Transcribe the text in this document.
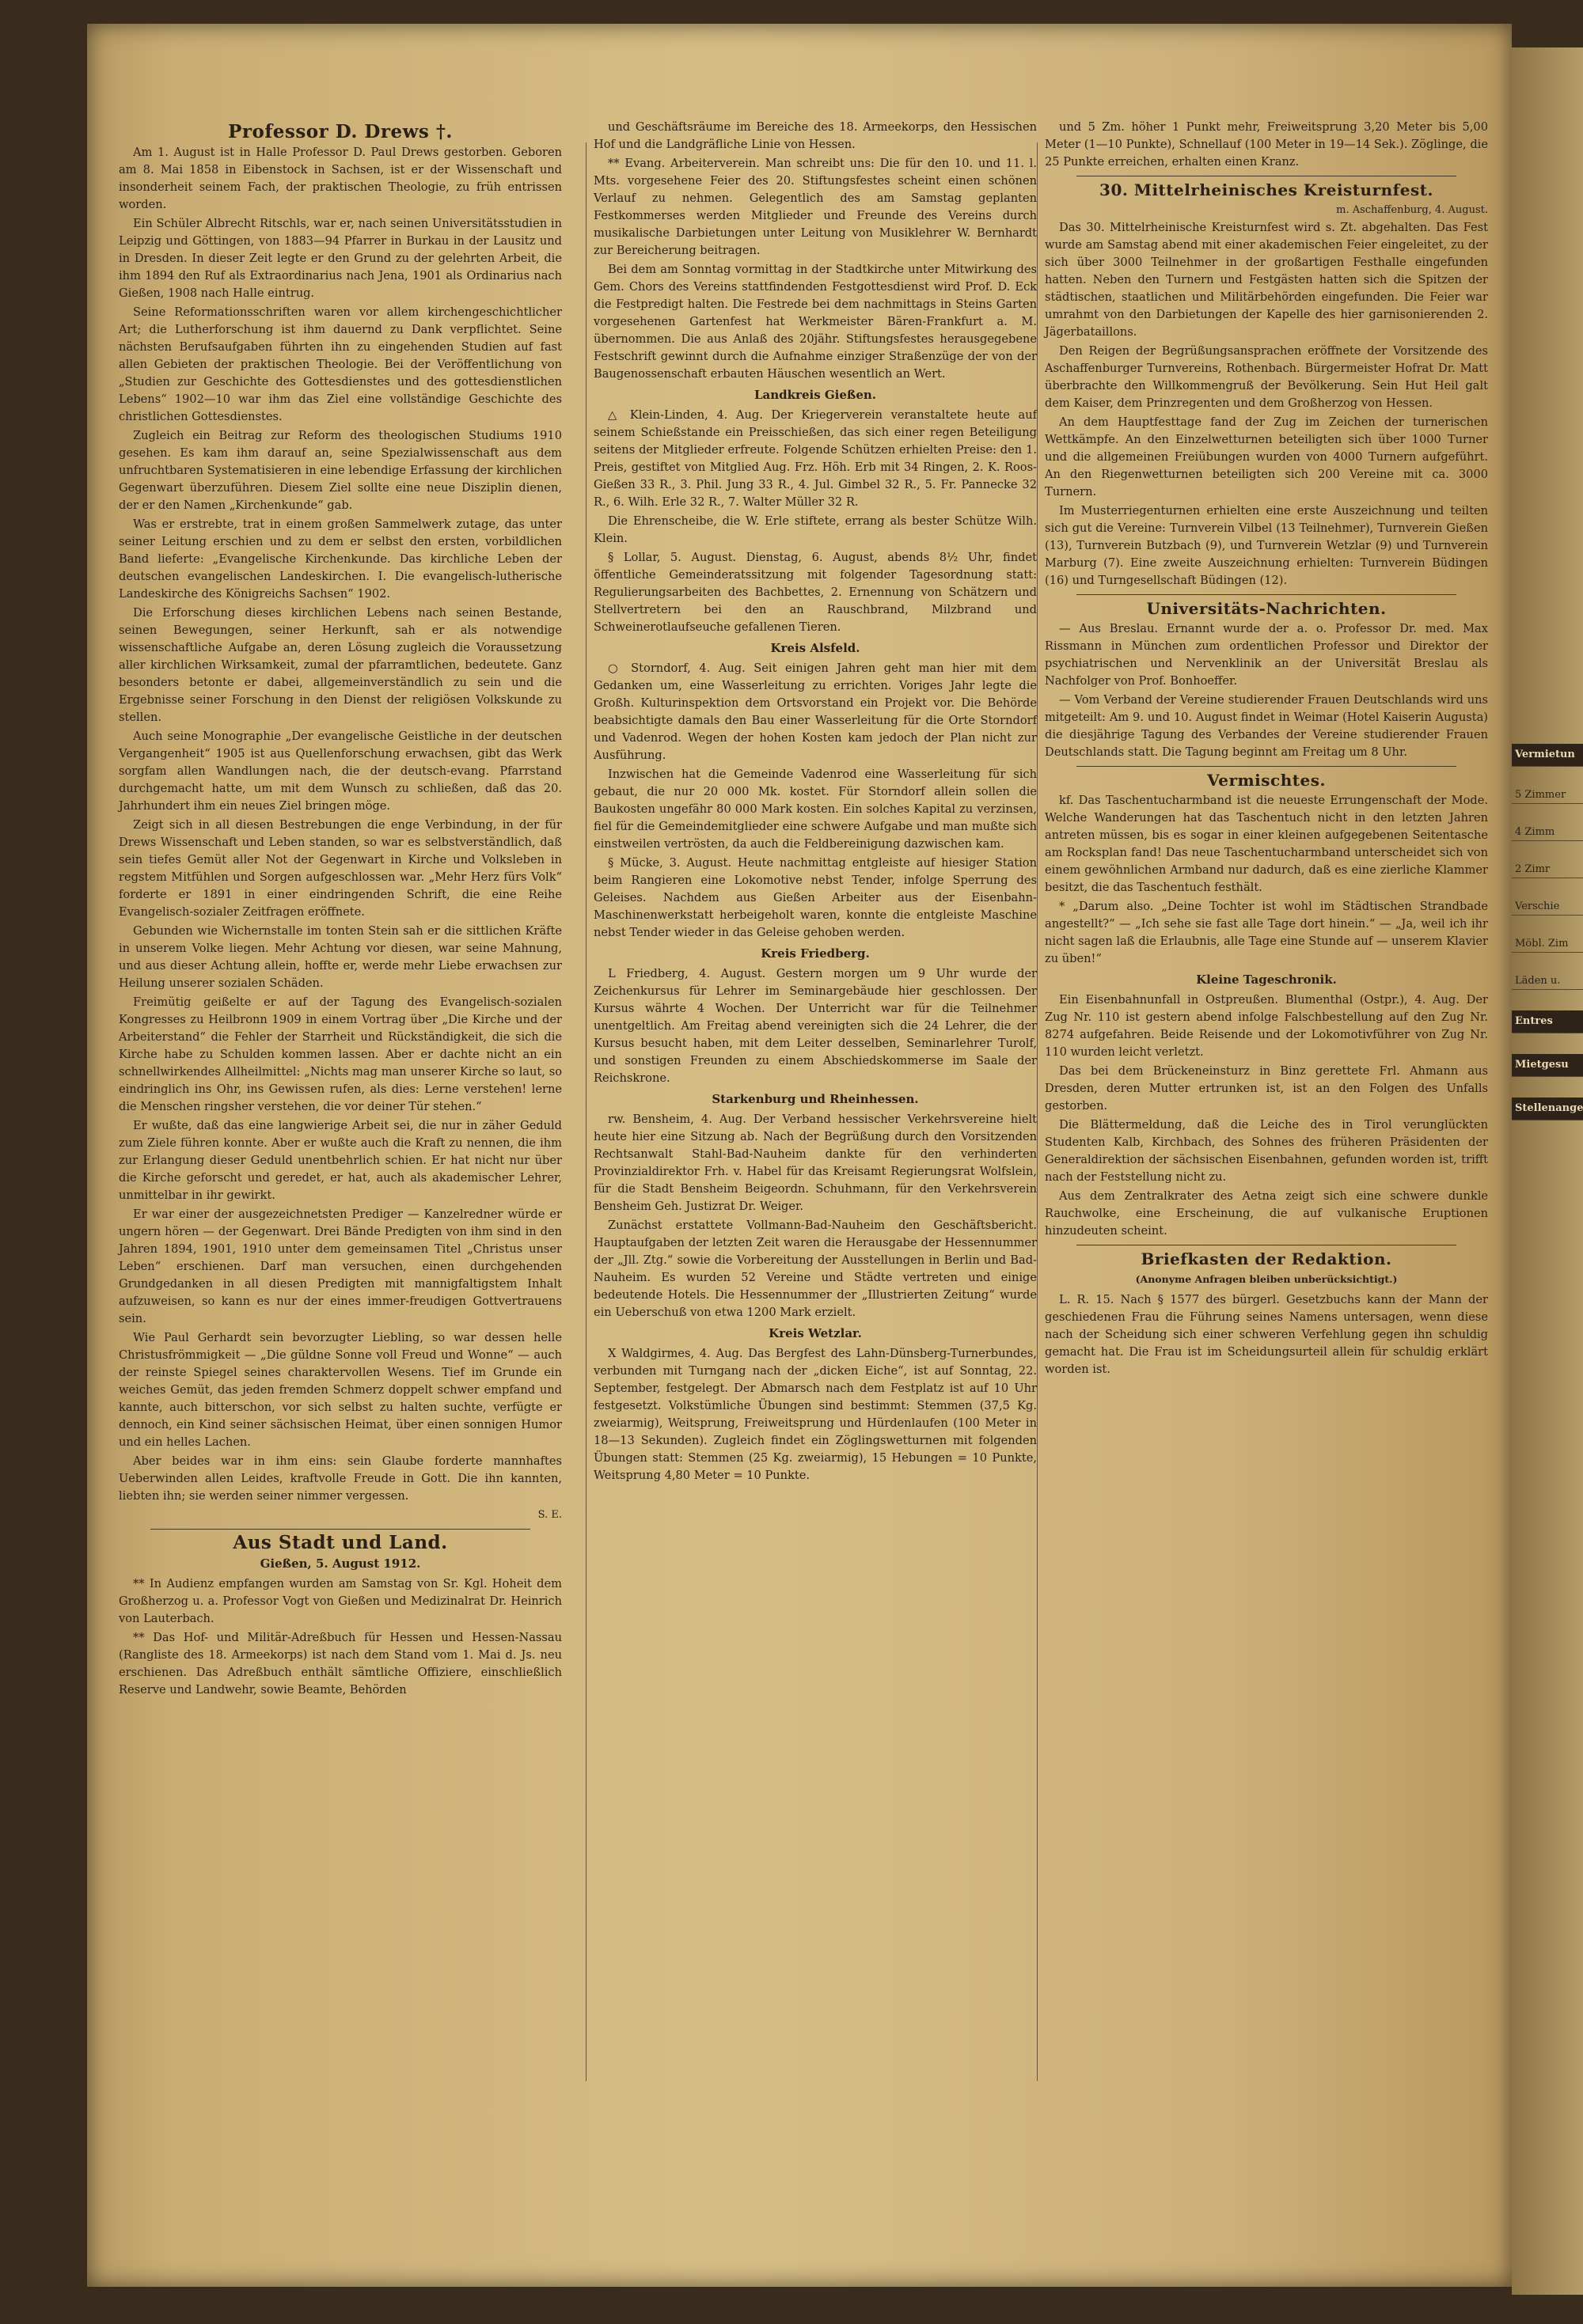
Professor D. Drews †.

Am 1. August ist in Halle Professor D. Paul Drews gestorben. Geboren am 8. Mai 1858 in Eibenstock in Sachsen, ist er der Wissenschaft und insonderheit seinem Fach, der praktischen Theologie, zu früh entrissen worden.

Ein Schüler Albrecht Ritschls, war er, nach seinen Universitätsstudien in Leipzig und Göttingen, von 1883—94 Pfarrer in Burkau in der Lausitz und in Dresden. In dieser Zeit legte er den Grund zu der gelehrten Arbeit, die ihm 1894 den Ruf als Extraordinarius nach Jena, 1901 als Ordinarius nach Gießen, 1908 nach Halle eintrug.

Seine Reformationsschriften waren vor allem kirchengeschichtlicher Art; die Lutherforschung ist ihm dauernd zu Dank verpflichtet. Seine nächsten Berufsaufgaben führten ihn zu eingehenden Studien auf fast allen Gebieten der praktischen Theologie. Bei der Veröffentlichung von „Studien zur Geschichte des Gottesdienstes und des gottesdienstlichen Lebens“ 1902—10 war ihm das Ziel eine vollständige Geschichte des christlichen Gottesdienstes.

Zugleich ein Beitrag zur Reform des theologischen Studiums 1910 gesehen. Es kam ihm darauf an, seine Spezialwissenschaft aus dem unfruchtbaren Systematisieren in eine lebendige Erfassung der kirchlichen Gegenwart überzuführen. Diesem Ziel sollte eine neue Disziplin dienen, der er den Namen „Kirchenkunde“ gab.

Was er erstrebte, trat in einem großen Sammelwerk zutage, das unter seiner Leitung erschien und zu dem er selbst den ersten, vorbildlichen Band lieferte: „Evangelische Kirchenkunde. Das kirchliche Leben der deutschen evangelischen Landeskirchen. I. Die evangelisch-lutherische Landeskirche des Königreichs Sachsen“ 1902.

Die Erforschung dieses kirchlichen Lebens nach seinen Bestande, seinen Bewegungen, seiner Herkunft, sah er als notwendige wissenschaftliche Aufgabe an, deren Lösung zugleich die Voraussetzung aller kirchlichen Wirksamkeit, zumal der pfarramtlichen, bedeutete. Ganz besonders betonte er dabei, allgemeinverständlich zu sein und die Ergebnisse seiner Forschung in den Dienst der religiösen Volkskunde zu stellen.

Auch seine Monographie „Der evangelische Geistliche in der deutschen Vergangenheit“ 1905 ist aus Quellenforschung erwachsen, gibt das Werk sorgfam allen Wandlungen nach, die der deutsch-evang. Pfarrstand durchgemacht hatte, um mit dem Wunsch zu schließen, daß das 20. Jahrhundert ihm ein neues Ziel bringen möge.

Zeigt sich in all diesen Bestrebungen die enge Verbindung, in der für Drews Wissenschaft und Leben standen, so war es selbstverständlich, daß sein tiefes Gemüt aller Not der Gegenwart in Kirche und Volksleben in regstem Mitfühlen und Sorgen aufgeschlossen war. „Mehr Herz fürs Volk“ forderte er 1891 in einer eindringenden Schrift, die eine Reihe Evangelisch-sozialer Zeitfragen eröffnete.

Gebunden wie Wichernstalle im tonten Stein sah er die sittlichen Kräfte in unserem Volke liegen. Mehr Achtung vor diesen, war seine Mahnung, und aus dieser Achtung allein, hoffte er, werde mehr Liebe erwachsen zur Heilung unserer sozialen Schäden.

Freimütig geißelte er auf der Tagung des Evangelisch-sozialen Kongresses zu Heilbronn 1909 in einem Vortrag über „Die Kirche und der Arbeiterstand“ die Fehler der Starrheit und Rückständigkeit, die sich die Kirche habe zu Schulden kommen lassen. Aber er dachte nicht an ein schnellwirkendes Allheilmittel: „Nichts mag man unserer Kirche so laut, so eindringlich ins Ohr, ins Gewissen rufen, als dies: Lerne verstehen! lerne die Menschen ringsher verstehen, die vor deiner Tür stehen.“

Er wußte, daß das eine langwierige Arbeit sei, die nur in zäher Geduld zum Ziele führen konnte. Aber er wußte auch die Kraft zu nennen, die ihm zur Erlangung dieser Geduld unentbehrlich schien. Er hat nicht nur über die Kirche geforscht und geredet, er hat, auch als akademischer Lehrer, unmittelbar in ihr gewirkt.

Er war einer der ausgezeichnetsten Prediger — Kanzelredner würde er ungern hören — der Gegenwart. Drei Bände Predigten von ihm sind in den Jahren 1894, 1901, 1910 unter dem gemeinsamen Titel „Christus unser Leben“ erschienen. Darf man versuchen, einen durchgehenden Grundgedanken in all diesen Predigten mit mannigfaltigstem Inhalt aufzuweisen, so kann es nur der eines immer-freudigen Gottvertrauens sein.

Wie Paul Gerhardt sein bevorzugter Liebling, so war dessen helle Christusfrömmigkeit — „Die güldne Sonne voll Freud und Wonne“ — auch der reinste Spiegel seines charaktervollen Wesens. Tief im Grunde ein weiches Gemüt, das jeden fremden Schmerz doppelt schwer empfand und kannte, auch bitterschon, vor sich selbst zu halten suchte, verfügte er dennoch, ein Kind seiner sächsischen Heimat, über einen sonnigen Humor und ein helles Lachen.

Aber beides war in ihm eins: sein Glaube forderte mannhaftes Ueberwinden allen Leides, kraftvolle Freude in Gott. Die ihn kannten, liebten ihn; sie werden seiner nimmer vergessen.

S. E.
Aus Stadt und Land.
Gießen, 5. August 1912.

** In Audienz empfangen wurden am Samstag von Sr. Kgl. Hoheit dem Großherzog u. a. Professor Vogt von Gießen und Medizinalrat Dr. Heinrich von Lauterbach.

** Das Hof- und Militär-Adreßbuch für Hessen und Hessen-Nassau (Rangliste des 18. Armeekorps) ist nach dem Stand vom 1. Mai d. Js. neu erschienen. Das Adreßbuch enthält sämtliche Offiziere, einschließlich Reserve und Landwehr, sowie Beamte, Behörden

und Geschäftsräume im Bereiche des 18. Armeekorps, den Hessischen Hof und die Landgräfliche Linie von Hessen.

** Evang. Arbeiterverein. Man schreibt uns: Die für den 10. und 11. l. Mts. vorgesehene Feier des 20. Stiftungsfestes scheint einen schönen Verlauf zu nehmen. Gelegentlich des am Samstag geplanten Festkommerses werden Mitglieder und Freunde des Vereins durch musikalische Darbietungen unter Leitung von Musiklehrer W. Bernhardt zur Bereicherung beitragen.

Bei dem am Sonntag vormittag in der Stadtkirche unter Mitwirkung des Gem. Chors des Vereins stattfindenden Festgottesdienst wird Prof. D. Eck die Festpredigt halten. Die Festrede bei dem nachmittags in Steins Garten vorgesehenen Gartenfest hat Werkmeister Bären-Frankfurt a. M. übernommen. Die aus Anlaß des 20jähr. Stiftungsfestes herausgegebene Festschrift gewinnt durch die Aufnahme einziger Straßenzüge der von der Baugenossenschaft erbauten Häuschen wesentlich an Wert.

Landkreis Gießen.

△ Klein-Linden, 4. Aug. Der Kriegerverein veranstaltete heute auf seinem Schießstande ein Preisschießen, das sich einer regen Beteiligung seitens der Mitglieder erfreute. Folgende Schützen erhielten Preise: den 1. Preis, gestiftet von Mitglied Aug. Frz. Höh. Erb mit 34 Ringen, 2. K. Roos-Gießen 33 R., 3. Phil. Jung 33 R., 4. Jul. Gimbel 32 R., 5. Fr. Pannecke 32 R., 6. Wilh. Erle 32 R., 7. Walter Müller 32 R.

Die Ehrenscheibe, die W. Erle stiftete, errang als bester Schütze Wilh. Klein.

§ Lollar, 5. August. Dienstag, 6. August, abends 8½ Uhr, findet öffentliche Gemeinderatssitzung mit folgender Tagesordnung statt: Regulierungsarbeiten des Bachbettes, 2. Ernennung von Schätzern und Stellvertretern bei den an Rauschbrand, Milzbrand und Schweinerotlaufseuche gefallenen Tieren.

Kreis Alsfeld.

○ Storndorf, 4. Aug. Seit einigen Jahren geht man hier mit dem Gedanken um, eine Wasserleitung zu errichten. Voriges Jahr legte die Großh. Kulturinspektion dem Ortsvorstand ein Projekt vor. Die Behörde beabsichtigte damals den Bau einer Wasserleitung für die Orte Storndorf und Vadenrod. Wegen der hohen Kosten kam jedoch der Plan nicht zur Ausführung.

Inzwischen hat die Gemeinde Vadenrod eine Wasserleitung für sich gebaut, die nur 20 000 Mk. kostet. Für Storndorf allein sollen die Baukosten ungefähr 80 000 Mark kosten. Ein solches Kapital zu verzinsen, fiel für die Gemeindemitglieder eine schwere Aufgabe und man mußte sich einstweilen vertrösten, da auch die Feldbereinigung dazwischen kam.

§ Mücke, 3. August. Heute nachmittag entgleiste auf hiesiger Station beim Rangieren eine Lokomotive nebst Tender, infolge Sperrung des Geleises. Nachdem aus Gießen Arbeiter aus der Eisenbahn-Maschinenwerkstatt herbeigeholt waren, konnte die entgleiste Maschine nebst Tender wieder in das Geleise gehoben werden.

Kreis Friedberg.

L Friedberg, 4. August. Gestern morgen um 9 Uhr wurde der Zeichenkursus für Lehrer im Seminargebäude hier geschlossen. Der Kursus währte 4 Wochen. Der Unterricht war für die Teilnehmer unentgeltlich. Am Freitag abend vereinigten sich die 24 Lehrer, die der Kursus besucht haben, mit dem Leiter desselben, Seminarlehrer Turolf, und sonstigen Freunden zu einem Abschiedskommerse im Saale der Reichskrone.

Starkenburg und Rheinhessen.

rw. Bensheim, 4. Aug. Der Verband hessischer Verkehrsvereine hielt heute hier eine Sitzung ab. Nach der Begrüßung durch den Vorsitzenden Rechtsanwalt Stahl-Bad-Nauheim dankte für den verhinderten Provinzialdirektor Frh. v. Habel für das Kreisamt Regierungsrat Wolfslein, für die Stadt Bensheim Beigeordn. Schuhmann, für den Verkehrsverein Bensheim Geh. Justizrat Dr. Weiger.

Zunächst erstattete Vollmann-Bad-Nauheim den Geschäftsbericht. Hauptaufgaben der letzten Zeit waren die Herausgabe der Hessennummer der „Jll. Ztg.“ sowie die Vorbereitung der Ausstellungen in Berlin und Bad-Nauheim. Es wurden 52 Vereine und Städte vertreten und einige bedeutende Hotels. Die Hessennummer der „Illustrierten Zeitung“ wurde ein Ueberschuß von etwa 1200 Mark erzielt.

Kreis Wetzlar.

X Waldgirmes, 4. Aug. Das Bergfest des Lahn-Dünsberg-Turnerbundes, verbunden mit Turngang nach der „dicken Eiche“, ist auf Sonntag, 22. September, festgelegt. Der Abmarsch nach dem Festplatz ist auf 10 Uhr festgesetzt. Volkstümliche Übungen sind bestimmt: Stemmen (37,5 Kg. zweiarmig), Weitsprung, Freiweitsprung und Hürdenlaufen (100 Meter in 18—13 Sekunden). Zugleich findet ein Zöglingswetturnen mit folgenden Übungen statt: Stemmen (25 Kg. zweiarmig), 15 Hebungen = 10 Punkte, Weitsprung 4,80 Meter = 10 Punkte.

und 5 Zm. höher 1 Punkt mehr, Freiweitsprung 3,20 Meter bis 5,00 Meter (1—10 Punkte), Schnellauf (100 Meter in 19—14 Sek.). Zöglinge, die 25 Punkte erreichen, erhalten einen Kranz.

30. Mittelrheinisches Kreisturnfest.
m. Aschaffenburg, 4. August.

Das 30. Mittelrheinische Kreisturnfest wird s. Zt. abgehalten. Das Fest wurde am Samstag abend mit einer akademischen Feier eingeleitet, zu der sich über 3000 Teilnehmer in der großartigen Festhalle eingefunden hatten. Neben den Turnern und Festgästen hatten sich die Spitzen der städtischen, staatlichen und Militärbehörden eingefunden. Die Feier war umrahmt von den Darbietungen der Kapelle des hier garnisonierenden 2. Jägerbataillons.

Den Reigen der Begrüßungsansprachen eröffnete der Vorsitzende des Aschaffenburger Turnvereins, Rothenbach. Bürgermeister Hofrat Dr. Matt überbrachte den Willkommengruß der Bevölkerung. Sein Hut Heil galt dem Kaiser, dem Prinzregenten und dem Großherzog von Hessen.

An dem Hauptfesttage fand der Zug im Zeichen der turnerischen Wettkämpfe. An den Einzelwetturnen beteiligten sich über 1000 Turner und die allgemeinen Freiübungen wurden von 4000 Turnern aufgeführt. An den Riegenwetturnen beteiligten sich 200 Vereine mit ca. 3000 Turnern.

Im Musterriegenturnen erhielten eine erste Auszeichnung und teilten sich gut die Vereine: Turnverein Vilbel (13 Teilnehmer), Turnverein Gießen (13), Turnverein Butzbach (9), und Turnverein Wetzlar (9) und Turnverein Marburg (7). Eine zweite Auszeichnung erhielten: Turnverein Büdingen (16) und Turngesellschaft Büdingen (12).

Universitäts-Nachrichten.

— Aus Breslau. Ernannt wurde der a. o. Professor Dr. med. Max Rissmann in München zum ordentlichen Professor und Direktor der psychiatrischen und Nervenklinik an der Universität Breslau als Nachfolger von Prof. Bonhoeffer.

— Vom Verband der Vereine studierender Frauen Deutschlands wird uns mitgeteilt: Am 9. und 10. August findet in Weimar (Hotel Kaiserin Augusta) die diesjährige Tagung des Verbandes der Vereine studierender Frauen Deutschlands statt. Die Tagung beginnt am Freitag um 8 Uhr.

Vermischtes.

kf. Das Taschentucharmband ist die neueste Errungenschaft der Mode. Welche Wanderungen hat das Taschentuch nicht in den letzten Jahren antreten müssen, bis es sogar in einer kleinen aufgegebenen Seitentasche am Rocksplan fand! Das neue Taschentucharmband unterscheidet sich von einem gewöhnlichen Armband nur dadurch, daß es eine zierliche Klammer besitzt, die das Taschentuch festhält.

* „Darum also. „Deine Tochter ist wohl im Städtischen Strandbade angestellt?“ — „Ich sehe sie fast alle Tage dort hinein.“ — „Ja, weil ich ihr nicht sagen laß die Erlaubnis, alle Tage eine Stunde auf — unserem Klavier zu üben!“

Kleine Tageschronik.

Ein Eisenbahnunfall in Ostpreußen. Blumenthal (Ostpr.), 4. Aug. Der Zug Nr. 110 ist gestern abend infolge Falschbestellung auf den Zug Nr. 8274 aufgefahren. Beide Reisende und der Lokomotivführer von Zug Nr. 110 wurden leicht verletzt.

Das bei dem Brückeneinsturz in Binz gerettete Frl. Ahmann aus Dresden, deren Mutter ertrunken ist, ist an den Folgen des Unfalls gestorben.

Die Blättermeldung, daß die Leiche des in Tirol verunglückten Studenten Kalb, Kirchbach, des Sohnes des früheren Präsidenten der Generaldirektion der sächsischen Eisenbahnen, gefunden worden ist, trifft nach der Feststellung nicht zu.

Aus dem Zentralkrater des Aetna zeigt sich eine schwere dunkle Rauchwolke, eine Erscheinung, die auf vulkanische Eruptionen hinzudeuten scheint.

Briefkasten der Redaktion.
(Anonyme Anfragen bleiben unberücksichtigt.)

L. R. 15. Nach § 1577 des bürgerl. Gesetzbuchs kann der Mann der geschiedenen Frau die Führung seines Namens untersagen, wenn diese nach der Scheidung sich einer schweren Verfehlung gegen ihn schuldig gemacht hat. Die Frau ist im Scheidungsurteil allein für schuldig erklärt worden ist.

Vermietun
5 Zimmer
4 Zimm
2 Zimr
Verschie
Möbl. Zim
Läden u.
Entres
Mietgesu
Stellenange
